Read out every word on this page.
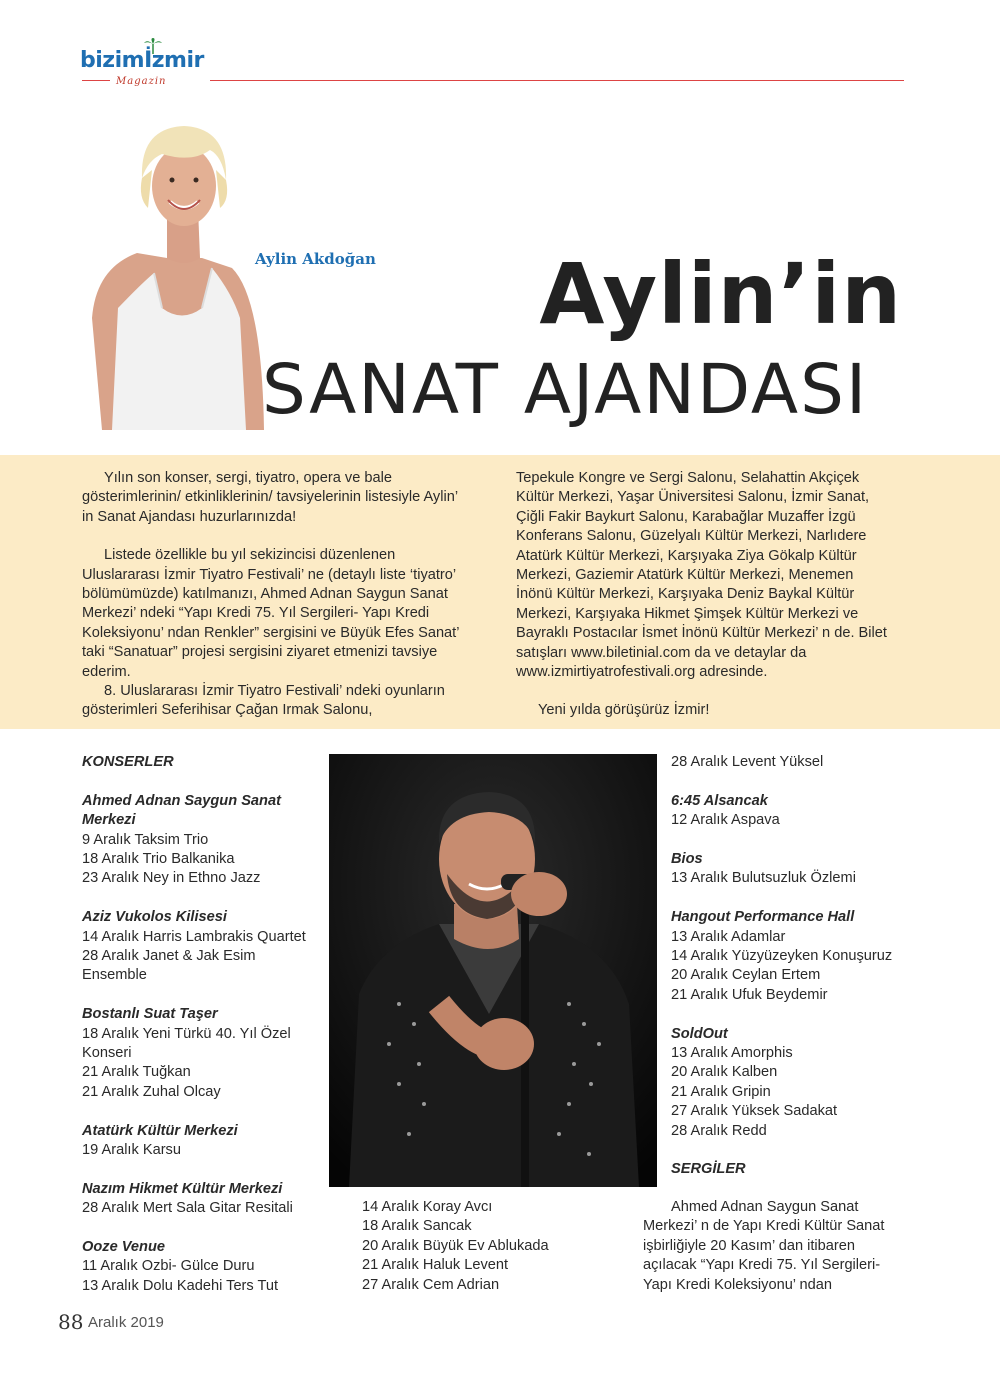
bizimİzmir
Magazin
Aylin Akdoğan Aylin’in
SANAT AJANDASI

Yılın son konser, sergi, tiyatro, opera ve bale gösterimlerinin/ etkinliklerinin/ tavsiyelerinin listesiyle Aylin’ in Sanat Ajandası huzurlarınızda!

Listede özellikle bu yıl sekizincisi düzenlenen Uluslararası İzmir Tiyatro Festivali’ ne (detaylı liste ‘tiyatro’ bölümümüzde) katılmanızı, Ahmed Adnan Saygun Sanat Merkezi’ ndeki “Yapı Kredi 75. Yıl Sergileri- Yapı Kredi Koleksiyonu’ ndan Renkler” sergisini ve Büyük Efes Sanat’ taki “Sanatuar” projesi sergisini ziyaret etmenizi tavsiye ederim.

8. Uluslararası İzmir Tiyatro Festivali’ ndeki oyunların gösterimleri Seferihisar Çağan Irmak Salonu,

Tepekule Kongre ve Sergi Salonu, Selahattin Akçiçek Kültür Merkezi, Yaşar Üniversitesi Salonu, İzmir Sanat, Çiğli Fakir Baykurt Salonu, Karabağlar Muzaffer İzgü Konferans Salonu, Güzelyalı Kültür Merkezi, Narlıdere Atatürk Kültür Merkezi, Karşıyaka Ziya Gökalp Kültür Merkezi, Gaziemir Atatürk Kültür Merkezi, Menemen İnönü Kültür Merkezi, Karşıyaka Deniz Baykal Kültür Merkezi, Karşıyaka Hikmet Şimşek Kültür Merkezi ve Bayraklı Postacılar İsmet İnönü Kültür Merkezi’ n de. Bilet satışları www.biletinial.com da ve detaylar da www.izmirtiyatrofestivali.org adresinde.

Yeni yılda görüşürüz İzmir!

KONSERLER
Ahmed Adnan Saygun Sanat Merkezi
9 Aralık Taksim Trio
18 Aralık Trio Balkanika
23 Aralık Ney in Ethno Jazz
Aziz Vukolos Kilisesi
14 Aralık Harris Lambrakis Quartet
28 Aralık Janet & Jak Esim Ensemble
Bostanlı Suat Taşer
18 Aralık Yeni Türkü 40. Yıl Özel Konseri
21 Aralık Tuğkan
21 Aralık Zuhal Olcay
Atatürk Kültür Merkezi
19 Aralık Karsu
Nazım Hikmet Kültür Merkezi
28 Aralık Mert Sala Gitar Resitali
Ooze Venue
11 Aralık Ozbi- Gülce Duru
13 Aralık Dolu Kadehi Ters Tut
14 Aralık Koray Avcı
18 Aralık Sancak
20 Aralık Büyük Ev Ablukada
21 Aralık Haluk Levent
27 Aralık Cem Adrian
28 Aralık Levent Yüksel
6:45 Alsancak
12 Aralık Aspava
Bios
13 Aralık Bulutsuzluk Özlemi
Hangout Performance Hall
13 Aralık Adamlar
14 Aralık Yüzyüzeyken Konuşuruz
20 Aralık Ceylan Ertem
21 Aralık Ufuk Beydemir
SoldOut
13 Aralık Amorphis
20 Aralık Kalben
21 Aralık Gripin
27 Aralık Yüksek Sadakat
28 Aralık Redd
SERGİLER
Ahmed Adnan Saygun Sanat Merkezi’ n de Yapı Kredi Kültür Sanat işbirliğiyle 20 Kasım’ dan itibaren açılacak “Yapı Kredi 75. Yıl Sergileri- Yapı Kredi Koleksiyonu’ ndan
88 Aralık 2019
